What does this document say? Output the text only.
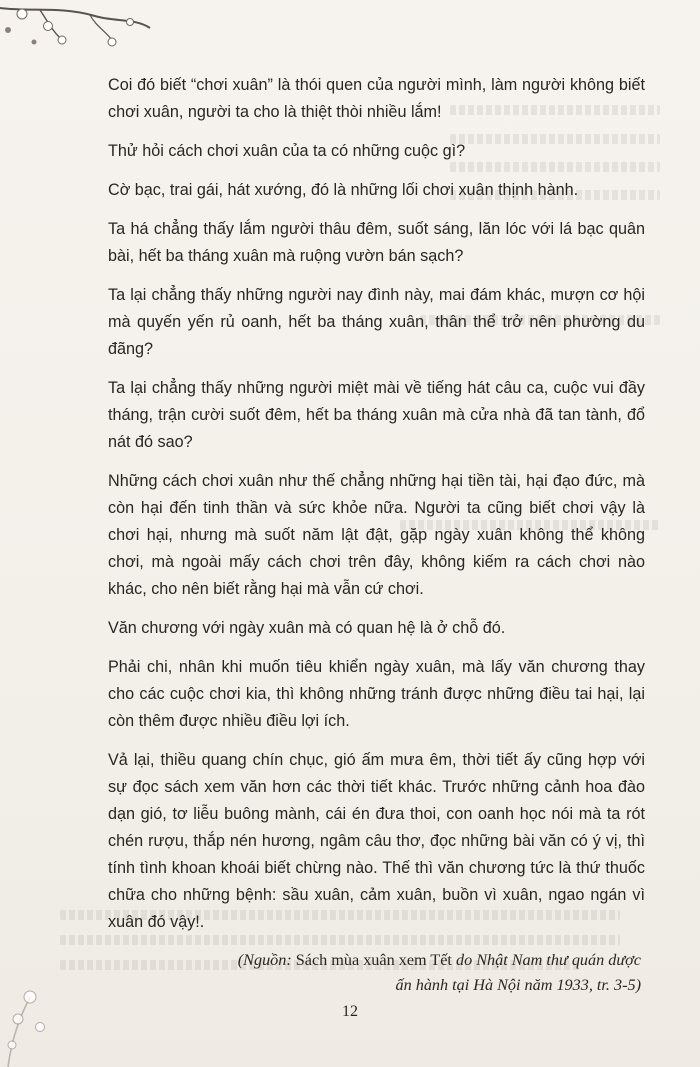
Coi đó biết “chơi xuân” là thói quen của người mình, làm người không biết chơi xuân, người ta cho là thiệt thòi nhiều lắm!

Thử hỏi cách chơi xuân của ta có những cuộc gì?

Cờ bạc, trai gái, hát xướng, đó là những lối chơi xuân thịnh hành.

Ta há chẳng thấy lắm người thâu đêm, suốt sáng, lăn lóc với lá bạc quân bài, hết ba tháng xuân mà ruộng vườn bán sạch?

Ta lại chẳng thấy những người nay đình này, mai đám khác, mượn cơ hội mà quyến yến rủ oanh, hết ba tháng xuân, thân thể trở nên phường du đãng?

Ta lại chẳng thấy những người miệt mài về tiếng hát câu ca, cuộc vui đầy tháng, trận cười suốt đêm, hết ba tháng xuân mà cửa nhà đã tan tành, đổ nát đó sao?

Những cách chơi xuân như thế chẳng những hại tiền tài, hại đạo đức, mà còn hại đến tinh thần và sức khỏe nữa. Người ta cũng biết chơi vậy là chơi hại, nhưng mà suốt năm lật đật, gặp ngày xuân không thể không chơi, mà ngoài mấy cách chơi trên đây, không kiếm ra cách chơi nào khác, cho nên biết rằng hại mà vẫn cứ chơi.

Văn chương với ngày xuân mà có quan hệ là ở chỗ đó.

Phải chi, nhân khi muốn tiêu khiển ngày xuân, mà lấy văn chương thay cho các cuộc chơi kia, thì không những tránh được những điều tai hại, lại còn thêm được nhiều điều lợi ích.

Vả lại, thiều quang chín chục, gió ấm mưa êm, thời tiết ấy cũng hợp với sự đọc sách xem văn hơn các thời tiết khác. Trước những cảnh hoa đào dạn gió, tơ liễu buông mành, cái én đưa thoi, con oanh học nói mà ta rót chén rượu, thắp nén hương, ngâm câu thơ, đọc những bài văn có ý vị, thì tính tình khoan khoái biết chừng nào. Thế thì văn chương tức là thứ thuốc chữa cho những bệnh: sầu xuân, cảm xuân, buồn vì xuân, ngao ngán vì xuân đó vậy!.

(Nguồn: Sách mùa xuân xem Tết do Nhật Nam thư quán dược
ấn hành tại Hà Nội năm 1933, tr. 3-5)
12
